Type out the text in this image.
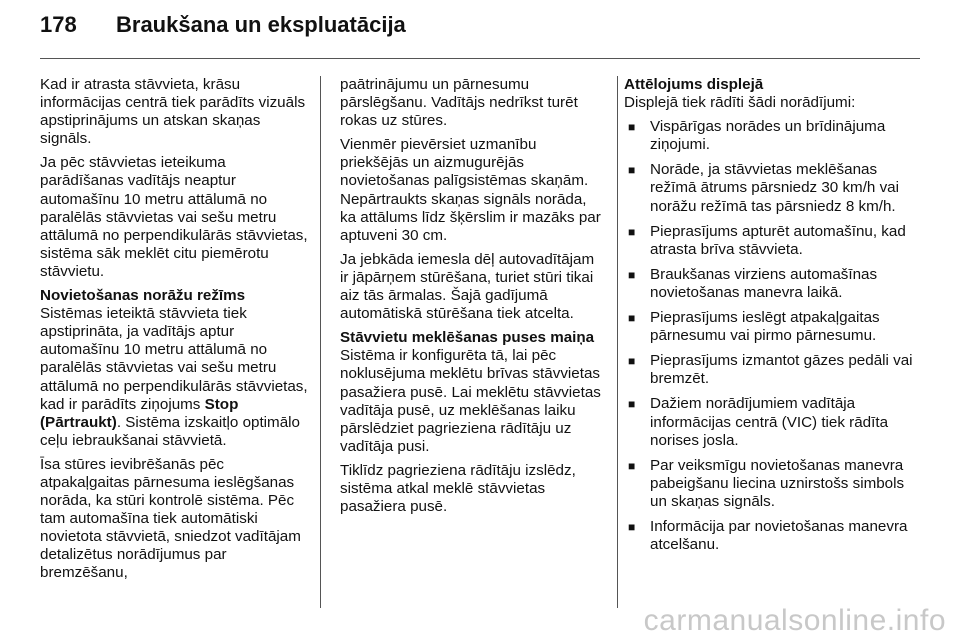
178	Braukšana un ekspluatācija

Kad ir atrasta stāvvieta, krāsu informācijas centrā tiek parādīts vizuāls apstiprinājums un atskan skaņas signāls.

Ja pēc stāvvietas ieteikuma parādīšanas vadītājs neaptur automašīnu 10 metru attālumā no paralēlās stāvvietas vai sešu metru attālumā no perpendikulārās stāvvietas, sistēma sāk meklēt citu piemērotu stāvvietu.

Novietošanas norāžu režīms

Sistēmas ieteiktā stāvvieta tiek apstiprināta, ja vadītājs aptur automašīnu 10 metru attālumā no paralēlās stāvvietas vai sešu metru attālumā no perpendikulārās stāvvietas, kad ir parādīts ziņojums Stop (Pārtraukt). Sistēma izskaitļo optimālo ceļu iebraukšanai stāvvietā.

Īsa stūres ievibrēšanās pēc atpakaļgaitas pārnesuma ieslēgšanas norāda, ka stūri kontrolē sistēma. Pēc tam automašīna tiek automātiski novietota stāvvietā, sniedzot vadītājam detalizētus norādījumus par bremzēšanu,

paātrinājumu un pārnesumu pārslēgšanu. Vadītājs nedrīkst turēt rokas uz stūres.

Vienmēr pievērsiet uzmanību priekšējās un aizmugurējās novietošanas palīgsistēmas skaņām. Nepārtraukts skaņas signāls norāda, ka attālums līdz šķērslim ir mazāks par aptuveni 30 cm.

Ja jebkāda iemesla dēļ autovadītājam ir jāpārņem stūrēšana, turiet stūri tikai aiz tās ārmalas. Šajā gadījumā automātiskā stūrēšana tiek atcelta.

Stāvvietu meklēšanas puses maiņa

Sistēma ir konfigurēta tā, lai pēc noklusējuma meklētu brīvas stāvvietas pasažiera pusē. Lai meklētu stāvvietas vadītāja pusē, uz meklēšanas laiku pārslēdziet pagrieziena rādītāju uz vadītāja pusi.

Tiklīdz pagrieziena rādītāju izslēdz, sistēma atkal meklē stāvvietas pasažiera pusē.

Attēlojums displejā

Displejā tiek rādīti šādi norādījumi:

■ Vispārīgas norādes un brīdinājuma ziņojumi.
■ Norāde, ja stāvvietas meklēšanas režīmā ātrums pārsniedz 30 km/h vai norāžu režīmā tas pārsniedz 8 km/h.
■ Pieprasījums apturēt automašīnu, kad atrasta brīva stāvvieta.
■ Braukšanas virziens automašīnas novietošanas manevra laikā.
■ Pieprasījums ieslēgt atpakaļgaitas pārnesumu vai pirmo pārnesumu.
■ Pieprasījums izmantot gāzes pedāli vai bremzēt.
■ Dažiem norādījumiem vadītāja informācijas centrā (VIC) tiek rādīta norises josla.
■ Par veiksmīgu novietošanas manevra pabeigšanu liecina uznirstošs simbols un skaņas signāls.
■ Informācija par novietošanas manevra atcelšanu.
carmanualsonline.info
